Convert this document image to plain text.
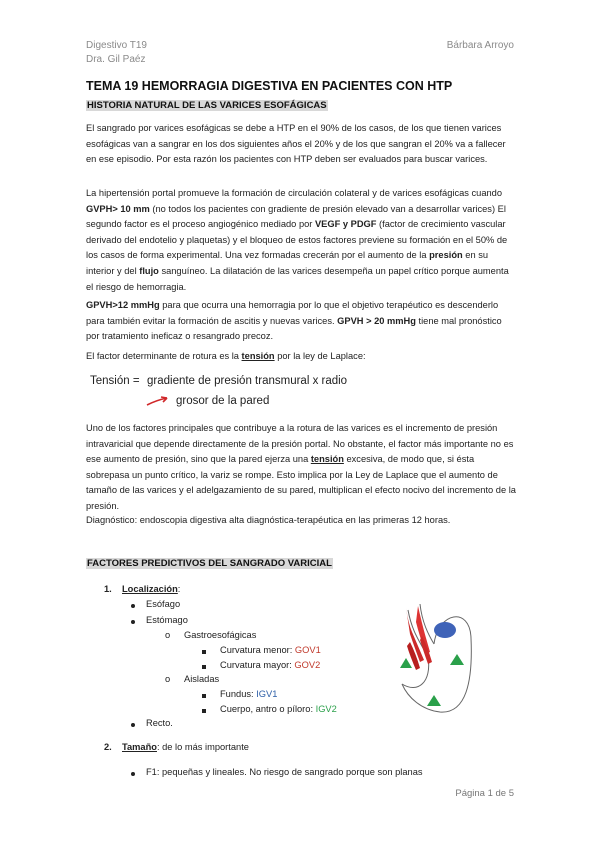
Digestivo T19
Dra. Gil Paéz
Bárbara Arroyo
TEMA 19 HEMORRAGIA DIGESTIVA EN PACIENTES CON HTP
HISTORIA NATURAL DE LAS VARICES ESOFÁGICAS
El sangrado por varices esofágicas se debe a HTP en el 90% de los casos, de los que tienen varices esofágicas van a sangrar en los dos siguientes años el 20% y de los que sangran el 20% va a fallecer en ese episodio. Por esta razón los pacientes con HTP deben ser evaluados para buscar varices.
La hipertensión portal promueve la formación de circulación colateral y de varices esofágicas cuando GVPH> 10 mm (no todos los pacientes con gradiente de presión elevado van a desarrollar varices) El segundo factor es el proceso angiogénico mediado por VEGF y PDGF (factor de crecimiento vascular derivado del endotelio y plaquetas) y el bloqueo de estos factores previene su formación en el 50% de los casos de forma experimental. Una vez formadas crecerán por el aumento de la presión en su interior y del flujo sanguíneo. La dilatación de las varices desempeña un papel crítico porque aumenta el riesgo de hemorragia.
GPVH>12 mmHg para que ocurra una hemorragia por lo que el objetivo terapéutico es descenderlo para también evitar la formación de ascitis y nuevas varices. GPVH > 20 mmHg tiene mal pronóstico por tratamiento ineficaz o resangrado precoz.
El factor determinante de rotura es la tensión por la ley de Laplace:
Tensión = gradiente de presión transmural x radio
grosor de la pared
Uno de los factores principales que contribuye a la rotura de las varices es el incremento de presión intravaricial que depende directamente de la presión portal. No obstante, el factor más importante no es ese aumento de presión, sino que la pared ejerza una tensión excesiva, de modo que, si ésta sobrepasa un punto crítico, la variz se rompe. Esto implica por la Ley de Laplace que el aumento de tamaño de las varices y el adelgazamiento de su pared, multiplican el efecto nocivo del incremento de la presión.
Diagnóstico: endoscopia digestiva alta diagnóstica-terapéutica en las primeras 12 horas.
FACTORES PREDICTIVOS DEL SANGRADO VARICIAL
1. Localización:
Esófago
Estómago
o Gastroesofágicas
Curvatura menor: GOV1
Curvatura mayor: GOV2
o Aisladas
Fundus: IGV1
Cuerpo, antro o píloro: IGV2
Recto.
2. Tamaño: de lo más importante
F1: pequeñas y lineales. No riesgo de sangrado porque son planas
Página 1 de 5
